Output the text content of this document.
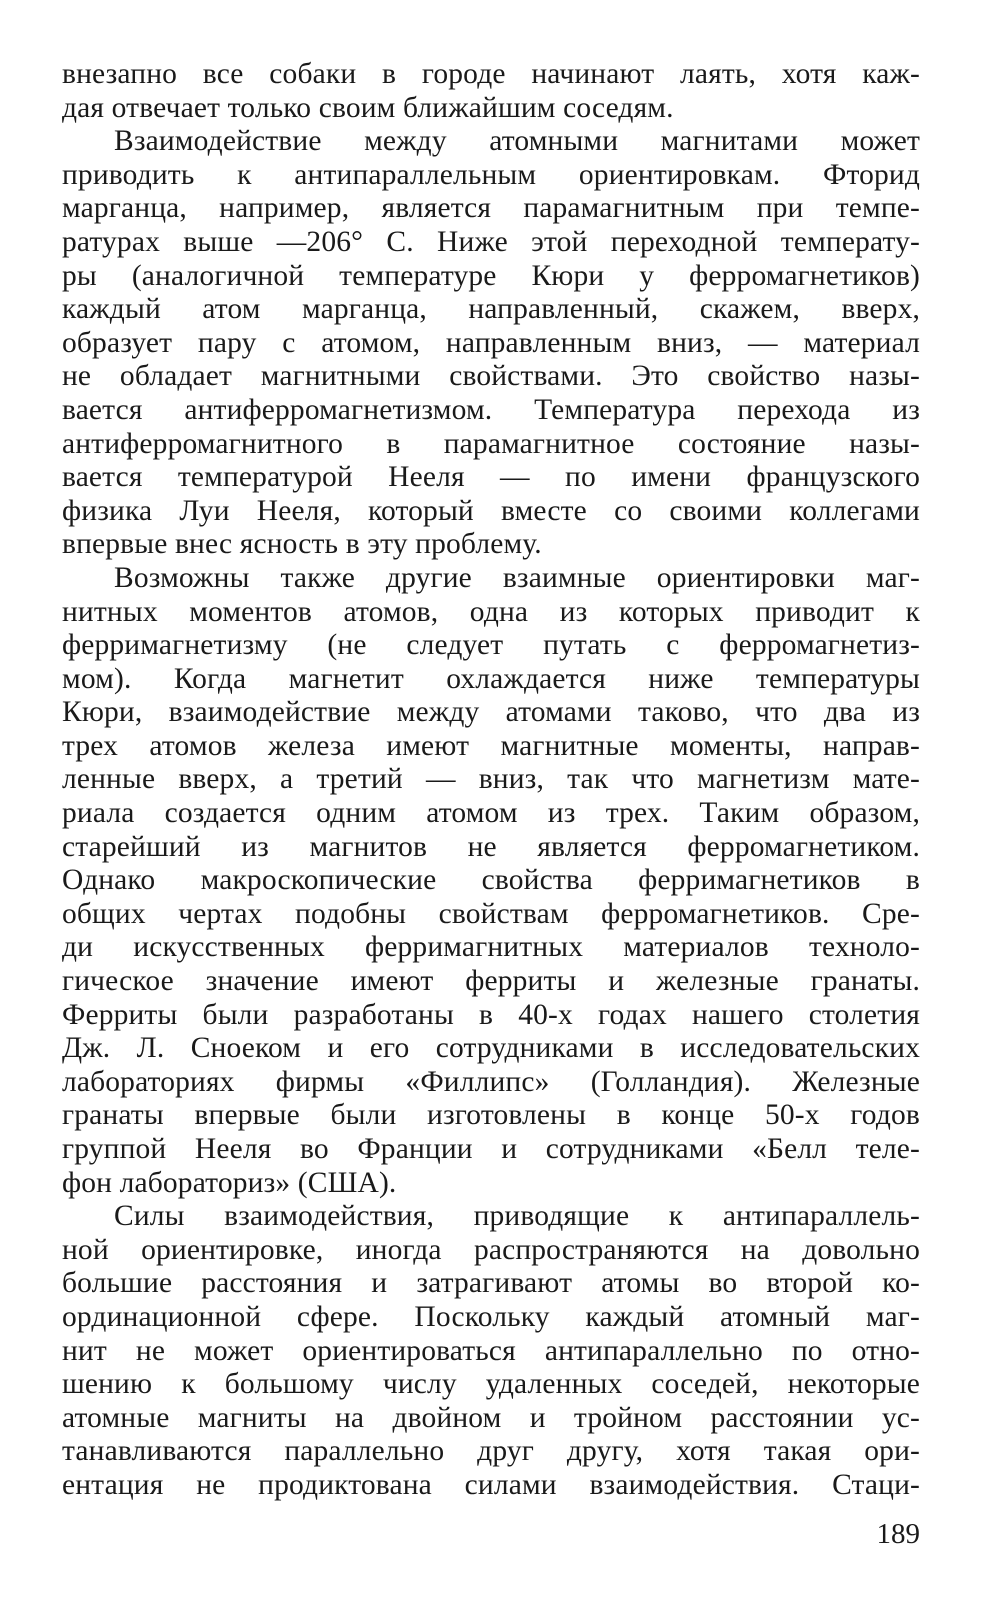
внезапно все собаки в городе начинают лаять, хотя каж-
дая отвечает только своим ближайшим соседям.
Взаимодействие между атомными магнитами может
приводить к антипараллельным ориентировкам. Фторид
марганца, например, является парамагнитным при темпе-
ратурах выше —206° С. Ниже этой переходной температу-
ры (аналогичной температуре Кюри у ферромагнетиков)
каждый атом марганца, направленный, скажем, вверх,
образует пару с атомом, направленным вниз, — материал
не обладает магнитными свойствами. Это свойство назы-
вается антиферромагнетизмом. Температура перехода из
антиферромагнитного в парамагнитное состояние назы-
вается температурой Нееля — по имени французского
физика Луи Нееля, который вместе со своими коллегами
впервые внес ясность в эту проблему.
Возможны также другие взаимные ориентировки маг-
нитных моментов атомов, одна из которых приводит к
ферримагнетизму (не следует путать с ферромагнетиз-
мом). Когда магнетит охлаждается ниже температуры
Кюри, взаимодействие между атомами таково, что два из
трех атомов железа имеют магнитные моменты, направ-
ленные вверх, а третий — вниз, так что магнетизм мате-
риала создается одним атомом из трех. Таким образом,
старейший из магнитов не является ферромагнетиком.
Однако макроскопические свойства ферримагнетиков в
общих чертах подобны свойствам ферромагнетиков. Сре-
ди искусственных ферримагнитных материалов техноло-
гическое значение имеют ферриты и железные гранаты.
Ферриты были разработаны в 40-х годах нашего столетия
Дж. Л. Сноеком и его сотрудниками в исследовательских
лабораториях фирмы «Филлипс» (Голландия). Железные
гранаты впервые были изготовлены в конце 50-х годов
группой Нееля во Франции и сотрудниками «Белл теле-
фон лабораториз» (США).
Силы взаимодействия, приводящие к антипараллель-
ной ориентировке, иногда распространяются на довольно
большие расстояния и затрагивают атомы во второй ко-
ординационной сфере. Поскольку каждый атомный маг-
нит не может ориентироваться антипараллельно по отно-
шению к большому числу удаленных соседей, некоторые
атомные магниты на двойном и тройном расстоянии ус-
танавливаются параллельно друг другу, хотя такая ори-
ентация не продиктована силами взаимодействия. Стаци-
189
